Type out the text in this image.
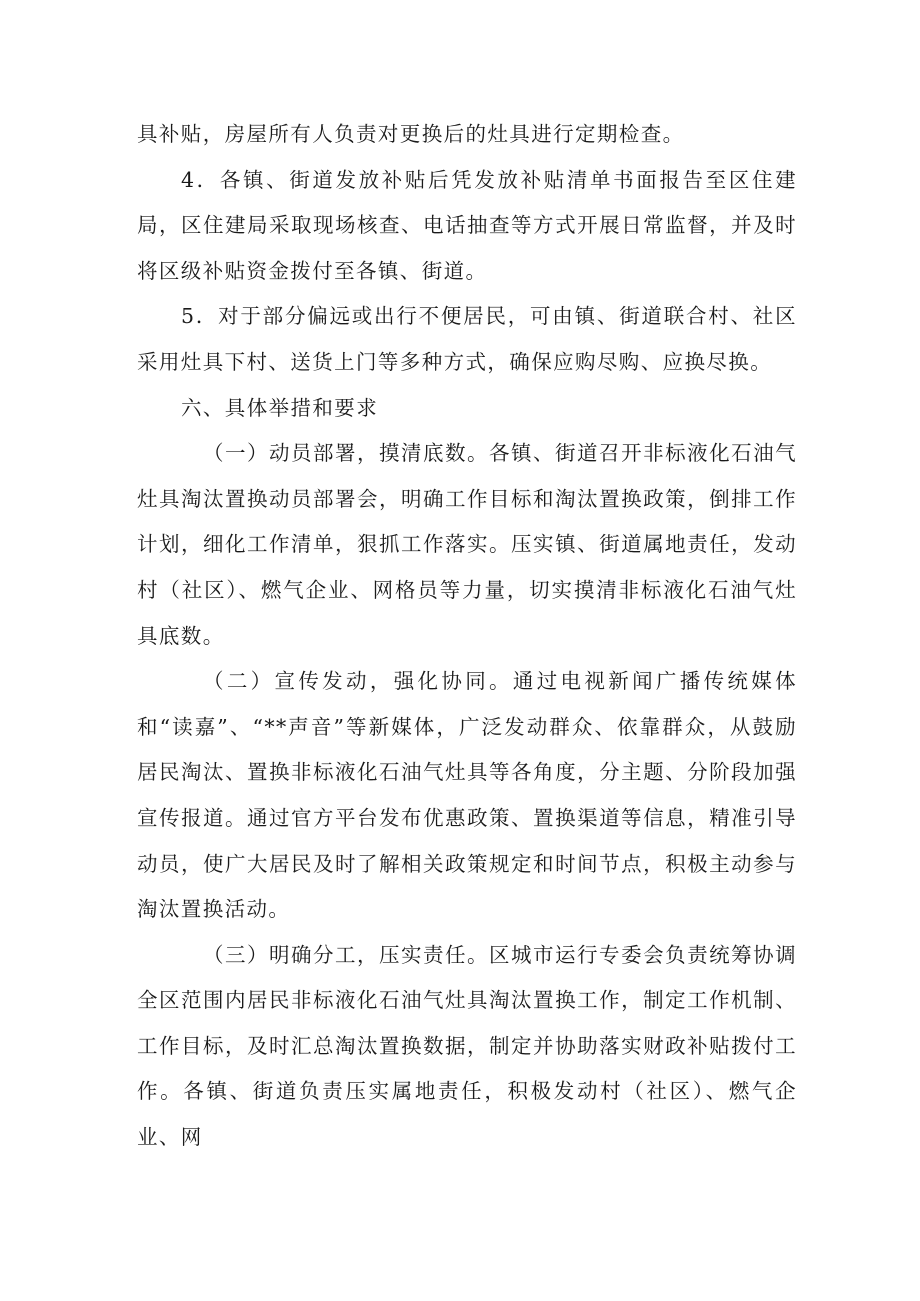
具补贴，房屋所有人负责对更换后的灶具进行定期检查。

4．各镇、街道发放补贴后凭发放补贴清单书面报告至区住建局，区住建局采取现场核查、电话抽查等方式开展日常监督，并及时将区级补贴资金拨付至各镇、街道。

5．对于部分偏远或出行不便居民，可由镇、街道联合村、社区采用灶具下村、送货上门等多种方式，确保应购尽购、应换尽换。

六、具体举措和要求

（一）动员部署，摸清底数。各镇、街道召开非标液化石油气灶具淘汰置换动员部署会，明确工作目标和淘汰置换政策，倒排工作计划，细化工作清单，狠抓工作落实。压实镇、街道属地责任，发动村（社区）、燃气企业、网格员等力量，切实摸清非标液化石油气灶具底数。

（二）宣传发动，强化协同。通过电视新闻广播传统媒体和“读嘉”、“**声音”等新媒体，广泛发动群众、依靠群众，从鼓励居民淘汰、置换非标液化石油气灶具等各角度，分主题、分阶段加强宣传报道。通过官方平台发布优惠政策、置换渠道等信息，精准引导动员，使广大居民及时了解相关政策规定和时间节点，积极主动参与淘汰置换活动。

（三）明确分工，压实责任。区城市运行专委会负责统筹协调全区范围内居民非标液化石油气灶具淘汰置换工作，制定工作机制、工作目标，及时汇总淘汰置换数据，制定并协助落实财政补贴拨付工作。各镇、街道负责压实属地责任，积极发动村（社区）、燃气企业、网
